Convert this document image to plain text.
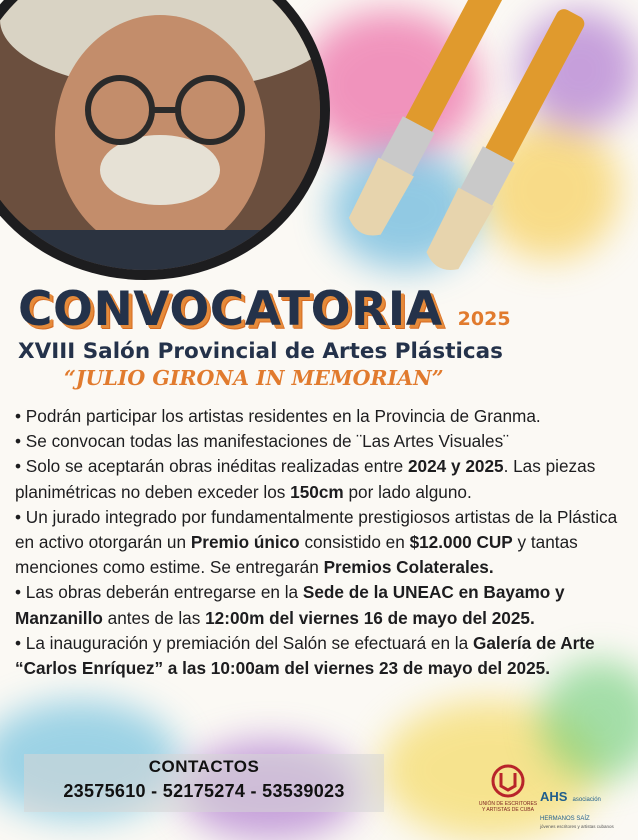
CONVOCATORIA 2025
XVIII Salón Provincial de Artes Plásticas
“JULIO GIRONA IN MEMORIAN”

• Podrán participar los artistas residentes en la Provincia de Granma.

• Se convocan todas las manifestaciones de ¨Las Artes Visuales¨

• Solo se aceptarán obras inéditas realizadas entre 2024 y 2025. Las piezas planimétricas no deben exceder los 150cm por lado alguno.

• Un jurado integrado por fundamentalmente prestigiosos artistas de la Plástica en activo otorgarán un Premio único consistido en $12.000 CUP y tantas menciones como estime. Se entregarán Premios Colaterales.

• Las obras deberán entregarse en la Sede de la UNEAC en Bayamo y Manzanillo antes de las 12:00m del viernes 16 de mayo del 2025.

• La inauguración y premiación del Salón se efectuará en la Galería de Arte “Carlos Enríquez” a las 10:00am del viernes 23 de mayo del 2025.

CONTACTOS
23575610 - 52175274 - 53539023
UNIÓN DE ESCRITORES Y ARTISTAS DE CUBA
AHS asociación HERMANOS SAÍZ
jóvenes escritores y artistas cubanos
